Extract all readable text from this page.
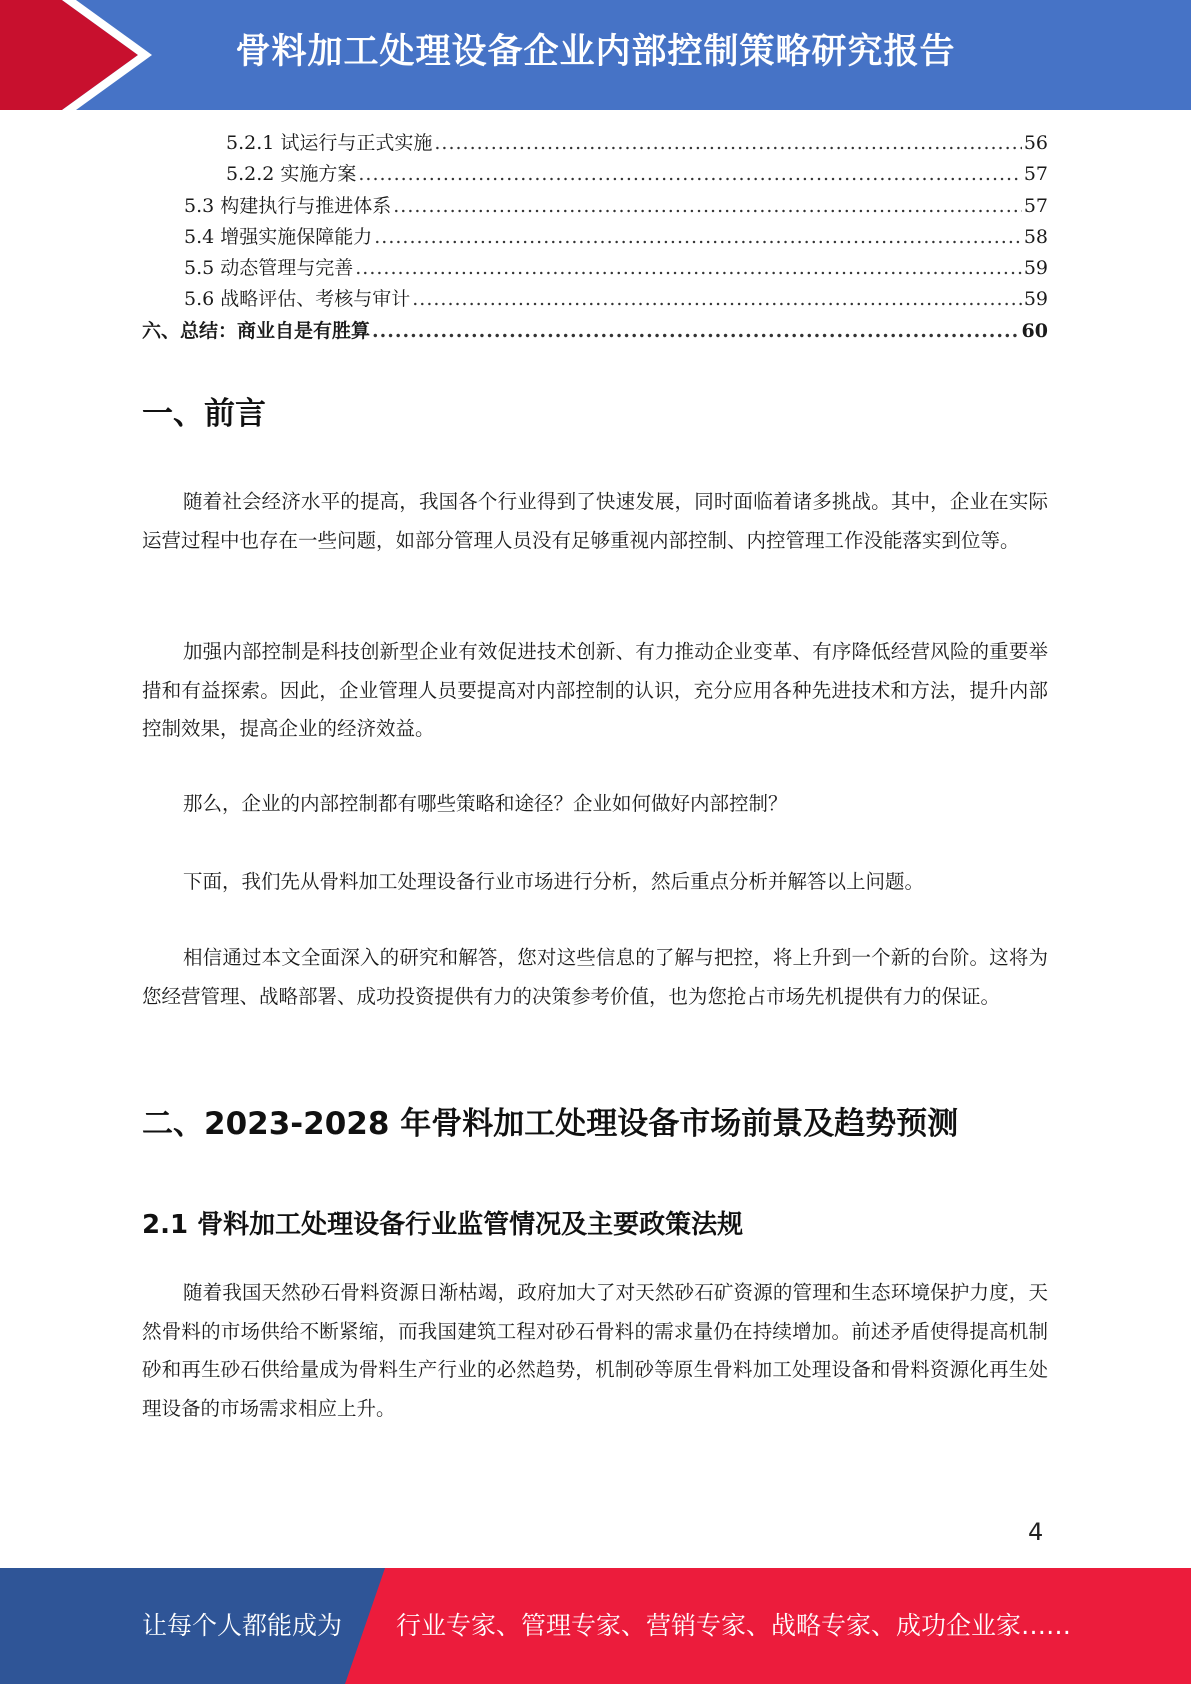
骨料加工处理设备企业内部控制策略研究报告
5.2.1 试运行与正式实施 .....	56
5.2.2 实施方案 .....	57
5.3 构建执行与推进体系 .....	57
5.4 增强实施保障能力 .....	58
5.5 动态管理与完善 .....	59
5.6 战略评估、考核与审计 .....	59
六、总结：商业自是有胜算 .....	60
一、前言

随着社会经济水平的提高，我国各个行业得到了快速发展，同时面临着诸多挑战。其中，企业在实际运营过程中也存在一些问题，如部分管理人员没有足够重视内部控制、内控管理工作没能落实到位等。

加强内部控制是科技创新型企业有效促进技术创新、有力推动企业变革、有序降低经营风险的重要举措和有益探索。因此，企业管理人员要提高对内部控制的认识，充分应用各种先进技术和方法，提升内部控制效果，提高企业的经济效益。

那么，企业的内部控制都有哪些策略和途径？企业如何做好内部控制？

下面，我们先从骨料加工处理设备行业市场进行分析，然后重点分析并解答以上问题。

相信通过本文全面深入的研究和解答，您对这些信息的了解与把控，将上升到一个新的台阶。这将为您经营管理、战略部署、成功投资提供有力的决策参考价值，也为您抢占市场先机提供有力的保证。

二、2023-2028 年骨料加工处理设备市场前景及趋势预测
2.1 骨料加工处理设备行业监管情况及主要政策法规

随着我国天然砂石骨料资源日渐枯竭，政府加大了对天然砂石矿资源的管理和生态环境保护力度，天然骨料的市场供给不断紧缩，而我国建筑工程对砂石骨料的需求量仍在持续增加。前述矛盾使得提高机制砂和再生砂石供给量成为骨料生产行业的必然趋势，机制砂等原生骨料加工处理设备和骨料资源化再生处理设备的市场需求相应上升。

4
让每个人都能成为 行业专家、管理专家、营销专家、战略专家、成功企业家……
